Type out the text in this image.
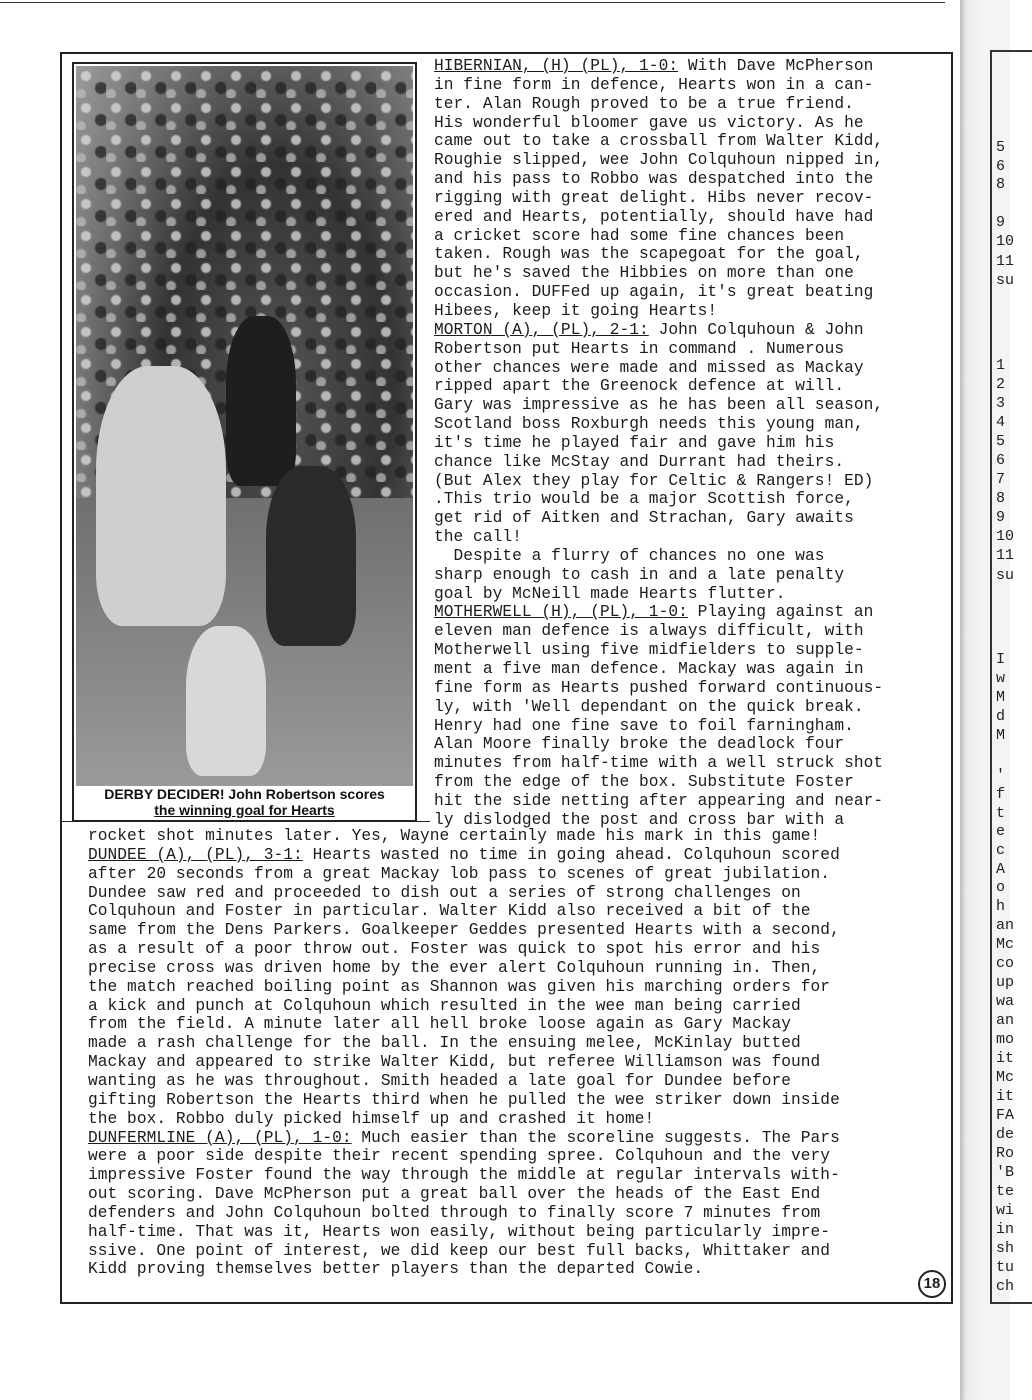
DERBY DECIDER! John Robertson scores
the winning goal for Hearts
HIBERNIAN, (H) (PL), 1-0: With Dave McPherson
in fine form in defence, Hearts won in a can-
ter. Alan Rough proved to be a true friend.
His wonderful bloomer gave us victory. As he
came out to take a crossball from Walter Kidd,
Roughie slipped, wee John Colquhoun nipped in,
and his pass to Robbo was despatched into the
rigging with great delight. Hibs never recov-
ered and Hearts, potentially, should have had
a cricket score had some fine chances been
taken. Rough was the scapegoat for the goal,
but he's saved the Hibbies on more than one
occasion. DUFFed up again, it's great beating
Hibees, keep it going Hearts!
MORTON (A), (PL), 2-1: John Colquhoun & John
Robertson put Hearts in command . Numerous
other chances were made and missed as Mackay
ripped apart the Greenock defence at will.
Gary was impressive as he has been all season,
Scotland boss Roxburgh needs this young man,
it's time he played fair and gave him his
chance like McStay and Durrant had theirs.
(But Alex they play for Celtic & Rangers! ED)
.This trio would be a major Scottish force,
get rid of Aitken and Strachan, Gary awaits
the call!
Despite a flurry of chances no one was
sharp enough to cash in and a late penalty
goal by McNeill made Hearts flutter.
MOTHERWELL (H), (PL), 1-0: Playing against an
eleven man defence is always difficult, with
Motherwell using five midfielders to supple-
ment a five man defence. Mackay was again in
fine form as Hearts pushed forward continuous-
ly, with 'Well dependant on the quick break.
Henry had one fine save to foil farningham.
Alan Moore finally broke the deadlock four
minutes from half-time with a well struck shot
from the edge of the box. Substitute Foster
hit the side netting after appearing and near-
ly dislodged the post and cross bar with a
rocket shot minutes later. Yes, Wayne certainly made his mark in this game!
DUNDEE (A), (PL), 3-1: Hearts wasted no time in going ahead. Colquhoun scored
after 20 seconds from a great Mackay lob pass to scenes of great jubilation.
Dundee saw red and proceeded to dish out a series of strong challenges on
Colquhoun and Foster in particular. Walter Kidd also received a bit of the
same from the Dens Parkers. Goalkeeper Geddes presented Hearts with a second,
as a result of a poor throw out. Foster was quick to spot his error and his
precise cross was driven home by the ever alert Colquhoun running in. Then,
the match reached boiling point as Shannon was given his marching orders for
a kick and punch at Colquhoun which resulted in the wee man being carried
from the field. A minute later all hell broke loose again as Gary Mackay
made a rash challenge for the ball. In the ensuing melee, McKinlay butted
Mackay and appeared to strike Walter Kidd, but referee Williamson was found
wanting as he was throughout. Smith headed a late goal for Dundee before
gifting Robertson the Hearts third when he pulled the wee striker down inside
the box. Robbo duly picked himself up and crashed it home!
DUNFERMLINE (A), (PL), 1-0: Much easier than the scoreline suggests. The Pars
were a poor side despite their recent spending spree. Colquhoun and the very
impressive Foster found the way through the middle at regular intervals with-
out scoring. Dave McPherson put a great ball over the heads of the East End
defenders and John Colquhoun bolted through to finally score 7 minutes from
half-time. That was it, Hearts won easily, without being particularly impre-
ssive. One point of interest, we did keep our best full backs, Whittaker and
Kidd proving themselves better players than the departed Cowie.
18
5
6
8
9
10
11
su
1
2
3
4
5
6
7
8
9
10
11
su
I
w
M
d
M
'
f
t
e
c
A
o
h
an
Mc
co
up
wa
an
mo
it
Mc
it
FA
de
Ro
'B
te
wi
in
sh
tu
ch
